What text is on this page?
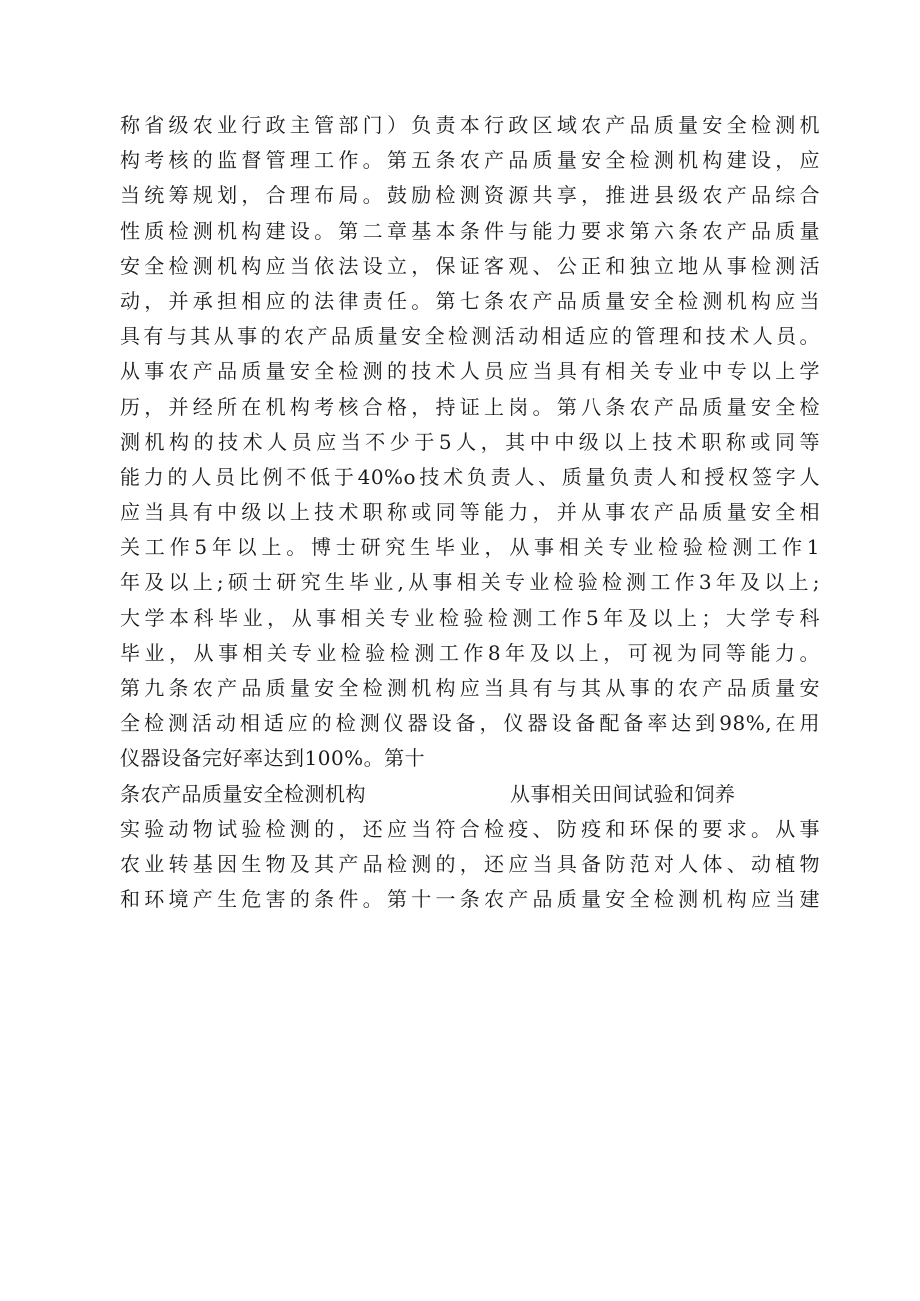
称省级农业行政主管部门）负责本行政区域农产品质量安全检测机
构考核的监督管理工作。第五条农产品质量安全检测机构建设，应
当统筹规划，合理布局。鼓励检测资源共享，推进县级农产品综合
性质检测机构建设。第二章基本条件与能力要求第六条农产品质量
安全检测机构应当依法设立，保证客观、公正和独立地从事检测活
动，并承担相应的法律责任。第七条农产品质量安全检测机构应当
具有与其从事的农产品质量安全检测活动相适应的管理和技术人员。
从事农产品质量安全检测的技术人员应当具有相关专业中专以上学
历，并经所在机构考核合格，持证上岗。第八条农产品质量安全检
测机构的技术人员应当不少于5人，其中中级以上技术职称或同等
能力的人员比例不低于40%o技术负责人、质量负责人和授权签字人
应当具有中级以上技术职称或同等能力，并从事农产品质量安全相
关工作5年以上。博士研究生毕业，从事相关专业检验检测工作1
年及以上;硕士研究生毕业,从事相关专业检验检测工作3年及以上;
大学本科毕业，从事相关专业检验检测工作5年及以上；大学专科
毕业，从事相关专业检验检测工作8年及以上，可视为同等能力。
第九条农产品质量安全检测机构应当具有与其从事的农产品质量安
全检测活动相适应的检测仪器设备，仪器设备配备率达到98%,在用
仪器设备完好率达到100%。第十
条农产品质量安全检测机构	从事相关田间试验和饲养
实验动物试验检测的，还应当符合检疫、防疫和环保的要求。从事
农业转基因生物及其产品检测的，还应当具备防范对人体、动植物
和环境产生危害的条件。第十一条农产品质量安全检测机构应当建
